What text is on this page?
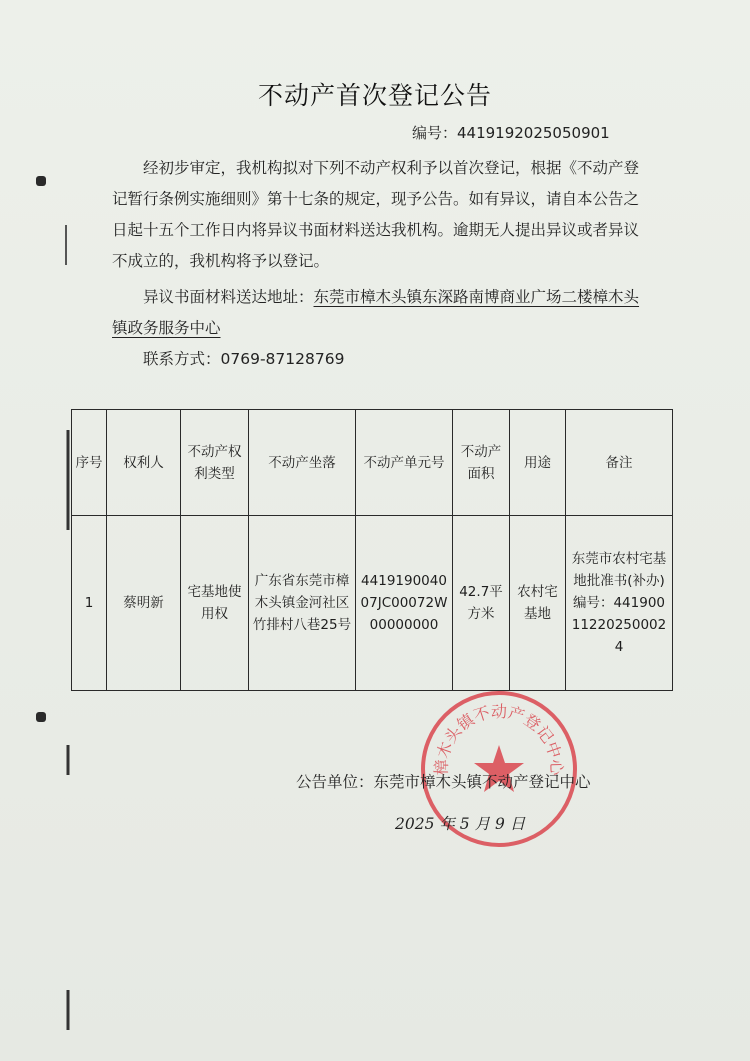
不动产首次登记公告
编号：4419192025050901
经初步审定，我机构拟对下列不动产权利予以首次登记，根据《不动产登记暂行条例实施细则》第十七条的规定，现予公告。如有异议，请自本公告之日起十五个工作日内将异议书面材料送达我机构。逾期无人提出异议或者异议不成立的，我机构将予以登记。
异议书面材料送达地址：东莞市樟木头镇东深路南博商业广场二楼樟木头镇政务服务中心
联系方式：0769-87128769
序号	权利人	不动产权利类型	不动产坐落	不动产单元号	不动产面积	用途	备注
1	蔡明新	宅基地使用权	广东省东莞市樟木头镇金河社区竹排村八巷25号	441919004007JC00072W00000000	42.7平方米	农村宅基地	东莞市农村宅基地批准书(补办)编号：441900112202500024
樟木头镇不动产登记中心
公告单位：东莞市樟木头镇不动产登记中心
2025 年 5 月 9 日
